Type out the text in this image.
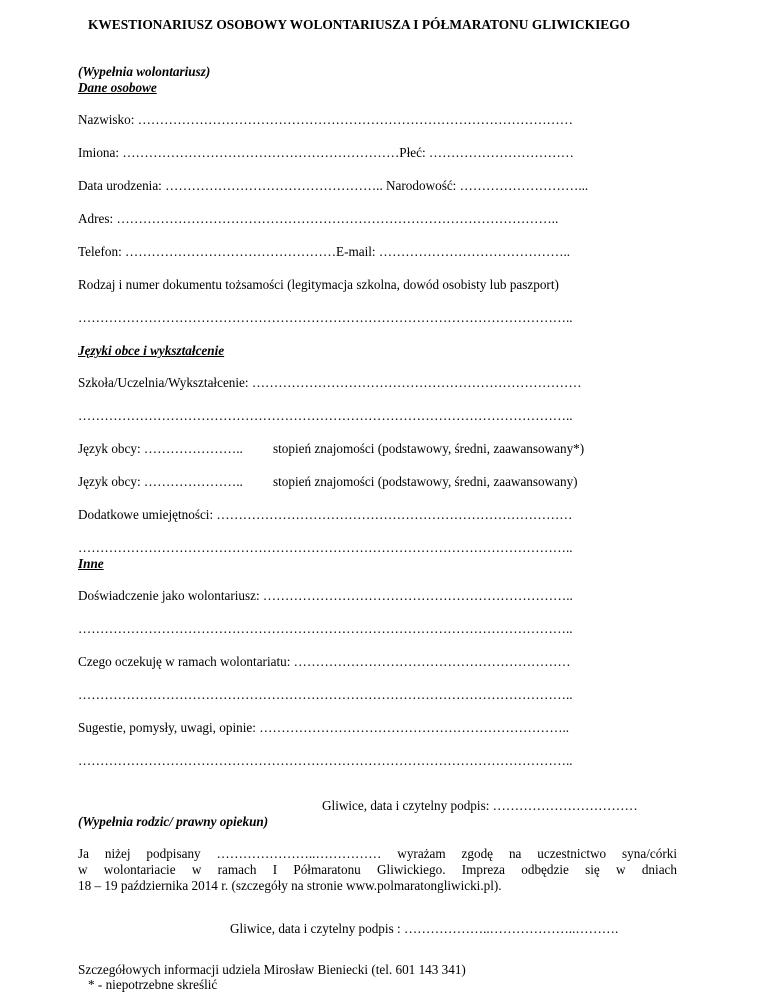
KWESTIONARIUSZ OSOBOWY WOLONTARIUSZA I PÓŁMARATONU GLIWICKIEGO
(Wypełnia wolontariusz)
Dane osobowe
Nazwisko: ………………………………………………………………………………………
Imiona: ………………………………………………………Płeć: ……………………………
Data urodzenia: ………………………………………….. Narodowość: ………………………...
Adres: ………………………………………………………………………………………..
Telefon: …………………………………………E-mail: ……………………………………..
Rodzaj i numer dokumentu tożsamości (legitymacja szkolna, dowód osobisty lub paszport)
…………………………………………………………………………………………………..
Języki obce i wykształcenie
Szkoła/Uczelnia/Wykształcenie: …………………………………………………………………
…………………………………………………………………………………………………..
Język obcy: ………………….. stopień znajomości (podstawowy, średni, zaawansowany*)
Język obcy: ………………….. stopień znajomości (podstawowy, średni, zaawansowany)
Dodatkowe umiejętności: ………………………………………………………………………
…………………………………………………………………………………………………..
Inne
Doświadczenie jako wolontariusz: ……………………………………………………………..
…………………………………………………………………………………………………..
Czego oczekuję w ramach wolontariatu: ………………………………………………………
…………………………………………………………………………………………………..
Sugestie, pomysły, uwagi, opinie: ……………………………………………………………..
…………………………………………………………………………………………………..
Gliwice, data i czytelny podpis: ……………………………
(Wypełnia rodzic/ prawny opiekun)
Ja niżej podpisany …………………..…………… wyrażam zgodę na uczestnictwo syna/córki
w wolontariacie w ramach I Półmaratonu Gliwickiego. Impreza odbędzie się w dniach
18 – 19 października 2014 r. (szczegóły na stronie www.polmaratongliwicki.pl).
Gliwice, data i czytelny podpis : ………………..………………..……….
Szczegółowych informacji udziela Mirosław Bieniecki (tel. 601 143 341)
* - niepotrzebne skreślić
